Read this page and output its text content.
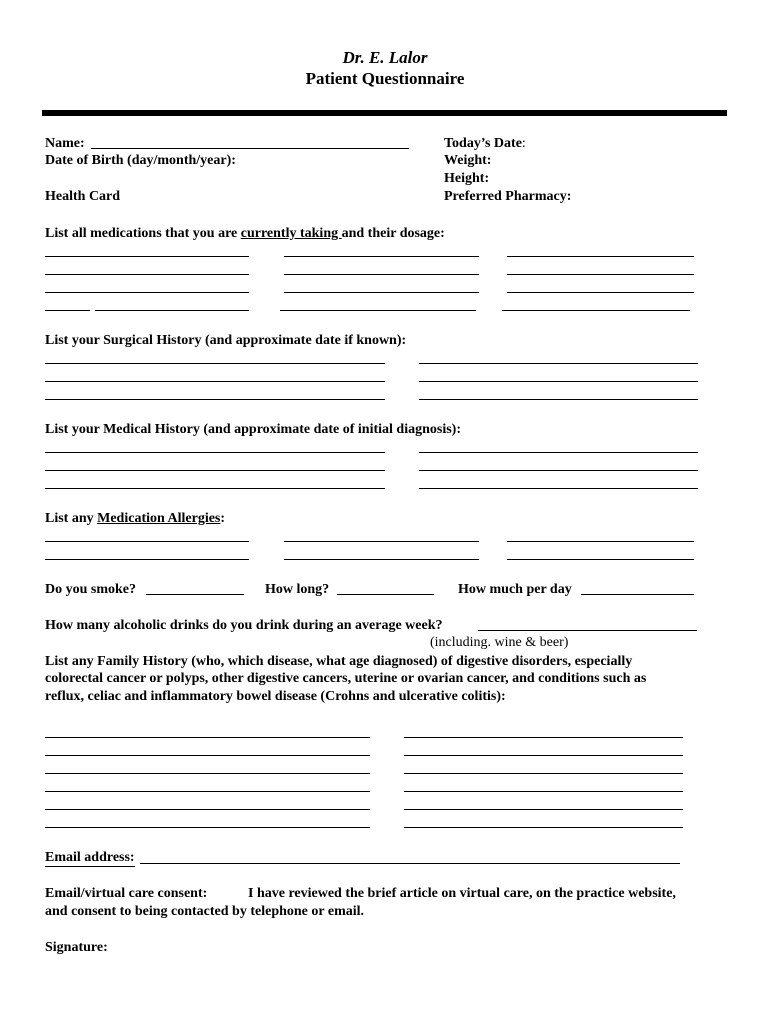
Dr. E. Lalor
Patient Questionnaire
Name:
Date of Birth (day/month/year):
Health Card
Today’s Date:
Weight:
Height:
Preferred Pharmacy:
List all medications that you are currently taking and their dosage:
List your Surgical History (and approximate date if known):
List your Medical History (and approximate date of initial diagnosis):
List any Medication Allergies:
Do you smoke?	How long?	How much per day
How many alcoholic drinks do you drink during an average week?
(including. wine & beer)
List any Family History (who, which disease, what age diagnosed) of digestive disorders, especially
colorectal cancer or polyps, other digestive cancers, uterine or ovarian cancer, and conditions such as
reflux, celiac and inflammatory bowel disease (Crohns and ulcerative colitis):
Email address:
Email/virtual care consent:	I have reviewed the brief article on virtual care, on the practice website,
and consent to being contacted by telephone or email.
Signature:
